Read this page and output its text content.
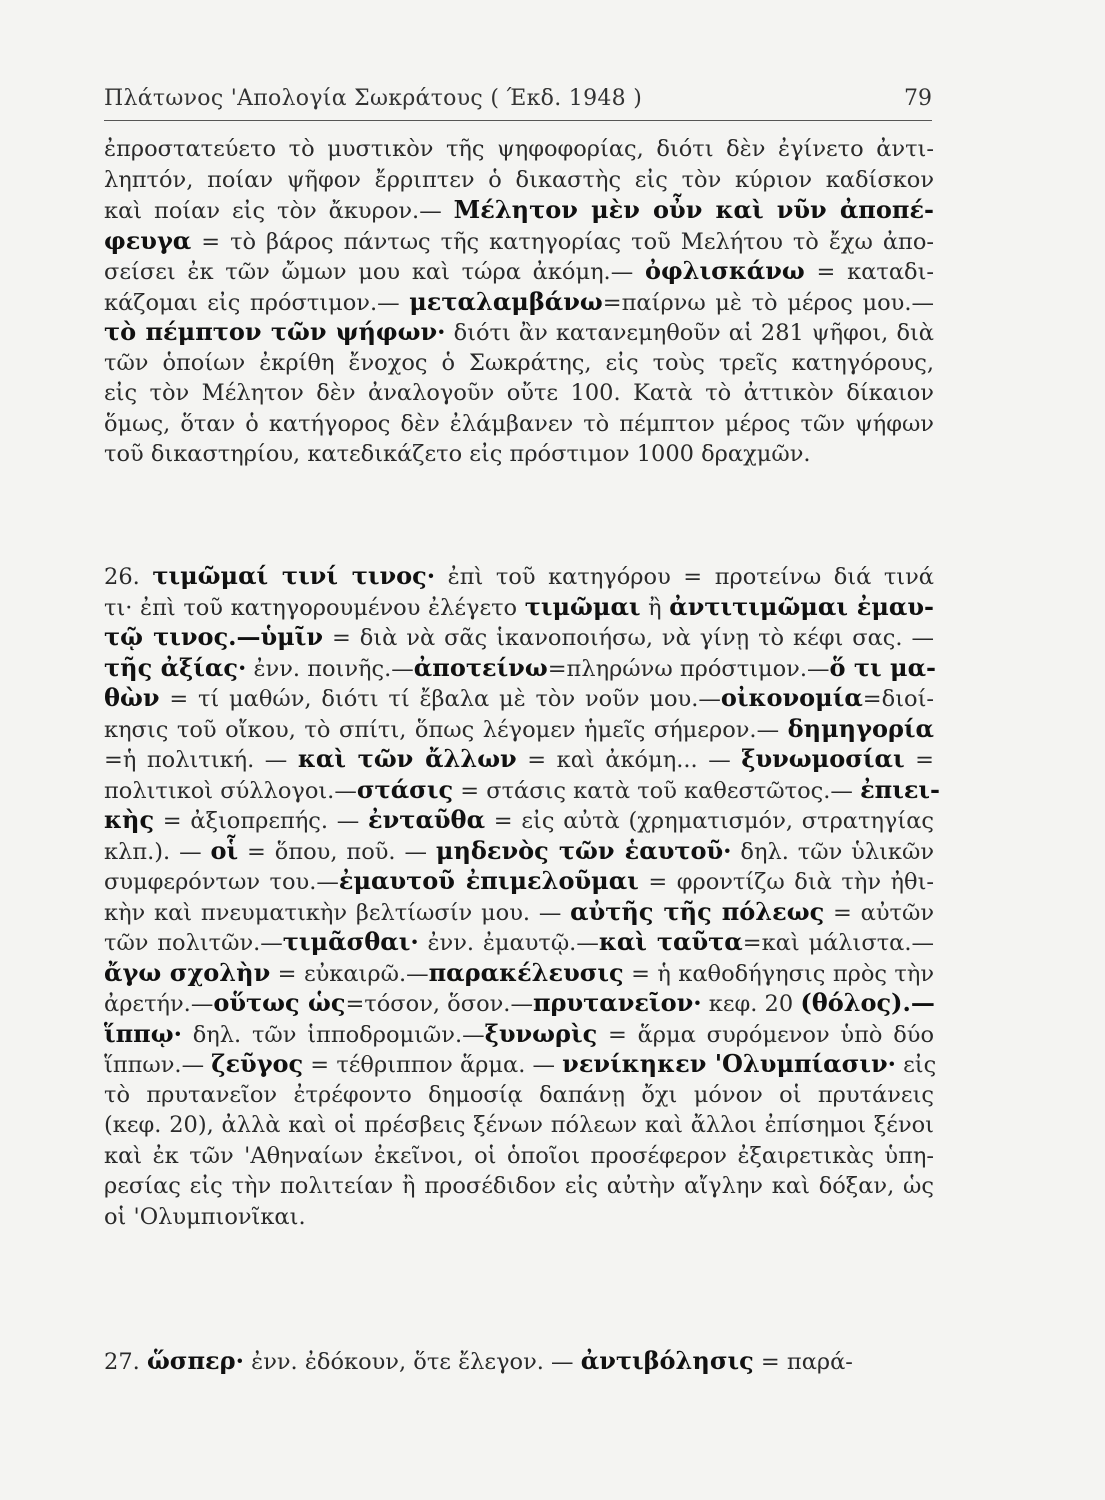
Πλάτωνος 'Απολογία Σωκράτους ( Έκδ. 1948 )	79
ἐπροστατεύετο τὸ μυστικὸν τῆς ψηφοφορίας, διότι δὲν ἐγίνετο ἀντι-
ληπτόν, ποίαν ψῆφον ἔρριπτεν ὁ δικαστὴς εἰς τὸν κύριον καδίσκον
καὶ ποίαν εἰς τὸν ἄκυρον.— Μέλητον μὲν οὖν καὶ νῦν ἀποπέ-
φευγα = τὸ βάρος πάντως τῆς κατηγορίας τοῦ Μελήτου τὸ ἔχω ἀπο-
σείσει ἐκ τῶν ὤμων μου καὶ τώρα ἀκόμη.— ὀφλισκάνω = καταδι-
κάζομαι εἰς πρόστιμον.— μεταλαμβάνω=παίρνω μὲ τὸ μέρος μου.—
τὸ πέμπτον τῶν ψήφων· διότι ἂν κατανεμηθοῦν αἱ 281 ψῆφοι, διὰ
τῶν ὁποίων ἐκρίθη ἔνοχος ὁ Σωκράτης, εἰς τοὺς τρεῖς κατηγόρους,
εἰς τὸν Μέλητον δὲν ἀναλογοῦν οὔτε 100. Κατὰ τὸ ἀττικὸν δίκαιον
ὅμως, ὅταν ὁ κατήγορος δὲν ἐλάμβανεν τὸ πέμπτον μέρος τῶν ψήφων
τοῦ δικαστηρίου, κατεδικάζετο εἰς πρόστιμον 1000 δραχμῶν.
26. τιμῶμαί τινί τινος· ἐπὶ τοῦ κατηγόρου = προτείνω διά τινά
τι· ἐπὶ τοῦ κατηγορουμένου ἐλέγετο τιμῶμαι ἢ ἀντιτιμῶμαι ἐμαυ-
τῷ τινος.—ὑμῖν = διὰ νὰ σᾶς ἱκανοποιήσω, νὰ γίνῃ τὸ κέφι σας. —
τῆς ἀξίας· ἐνν. ποινῆς.—ἀποτείνω=πληρώνω πρόστιμον.—ὅ τι μα-
θὼν = τί μαθών, διότι τί ἔβαλα μὲ τὸν νοῦν μου.—οἰκονομία=διοί-
κησις τοῦ οἴκου, τὸ σπίτι, ὅπως λέγομεν ἡμεῖς σήμερον.— δημηγορία
=ἡ πολιτική. — καὶ τῶν ἄλλων = καὶ ἀκόμη... — ξυνωμοσίαι =
πολιτικοὶ σύλλογοι.—στάσις = στάσις κατὰ τοῦ καθεστῶτος.— ἐπιει-
κὴς = ἀξιοπρεπής. — ἐνταῦθα = εἰς αὐτὰ (χρηματισμόν, στρατηγίας
κλπ.). — οἷ = ὅπου, ποῦ. — μηδενὸς τῶν ἑαυτοῦ· δηλ. τῶν ὑλικῶν
συμφερόντων του.—ἐμαυτοῦ ἐπιμελοῦμαι = φροντίζω διὰ τὴν ἠθι-
κὴν καὶ πνευματικὴν βελτίωσίν μου. — αὐτῆς τῆς πόλεως = αὐτῶν
τῶν πολιτῶν.—τιμᾶσθαι· ἐνν. ἐμαυτῷ.—καὶ ταῦτα=καὶ μάλιστα.—
ἄγω σχολὴν = εὐκαιρῶ.—παρακέλευσις = ἡ καθοδήγησις πρὸς τὴν
ἀρετήν.—οὕτως ὡς=τόσον, ὅσον.—πρυτανεῖον· κεφ. 20 (θόλος).—
ἵππῳ· δηλ. τῶν ἱπποδρομιῶν.—ξυνωρὶς = ἅρμα συρόμενον ὑπὸ δύο
ἵππων.— ζεῦγος = τέθριππον ἅρμα. — νενίκηκεν 'Ολυμπίασιν· εἰς
τὸ πρυτανεῖον ἐτρέφοντο δημοσίᾳ δαπάνῃ ὄχι μόνον οἱ πρυτάνεις
(κεφ. 20), ἀλλὰ καὶ οἱ πρέσβεις ξένων πόλεων καὶ ἄλλοι ἐπίσημοι ξένοι
καὶ ἐκ τῶν 'Αθηναίων ἐκεῖνοι, οἱ ὁποῖοι προσέφερον ἐξαιρετικὰς ὑπη-
ρεσίας εἰς τὴν πολιτείαν ἢ προσέδιδον εἰς αὐτὴν αἴγλην καὶ δόξαν, ὡς
οἱ 'Ολυμπιονῖκαι.
27. ὥσπερ· ἐνν. ἐδόκουν, ὅτε ἔλεγον. — ἀντιβόλησις = παρά-
